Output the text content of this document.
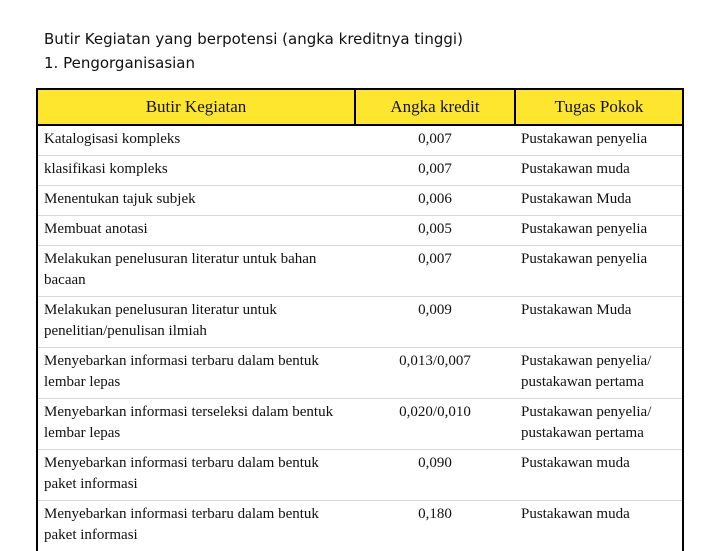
Butir Kegiatan yang berpotensi (angka kreditnya tinggi)
1. Pengorganisasian
Butir Kegiatan	Angka kredit	Tugas Pokok
Katalogisasi kompleks	0,007	Pustakawan penyelia
klasifikasi kompleks	0,007	Pustakawan muda
Menentukan tajuk subjek	0,006	Pustakawan Muda
Membuat anotasi	0,005	Pustakawan penyelia
Melakukan penelusuran literatur untuk bahan bacaan	0,007	Pustakawan penyelia
Melakukan penelusuran literatur untuk penelitian/penulisan ilmiah	0,009	Pustakawan Muda
Menyebarkan informasi terbaru dalam bentuk lembar lepas	0,013/0,007	Pustakawan penyelia/ pustakawan pertama
Menyebarkan informasi terseleksi dalam bentuk lembar lepas	0,020/0,010	Pustakawan penyelia/ pustakawan pertama
Menyebarkan informasi terbaru dalam bentuk paket informasi	0,090	Pustakawan muda
Menyebarkan informasi terbaru dalam bentuk paket informasi	0,180	Pustakawan muda
